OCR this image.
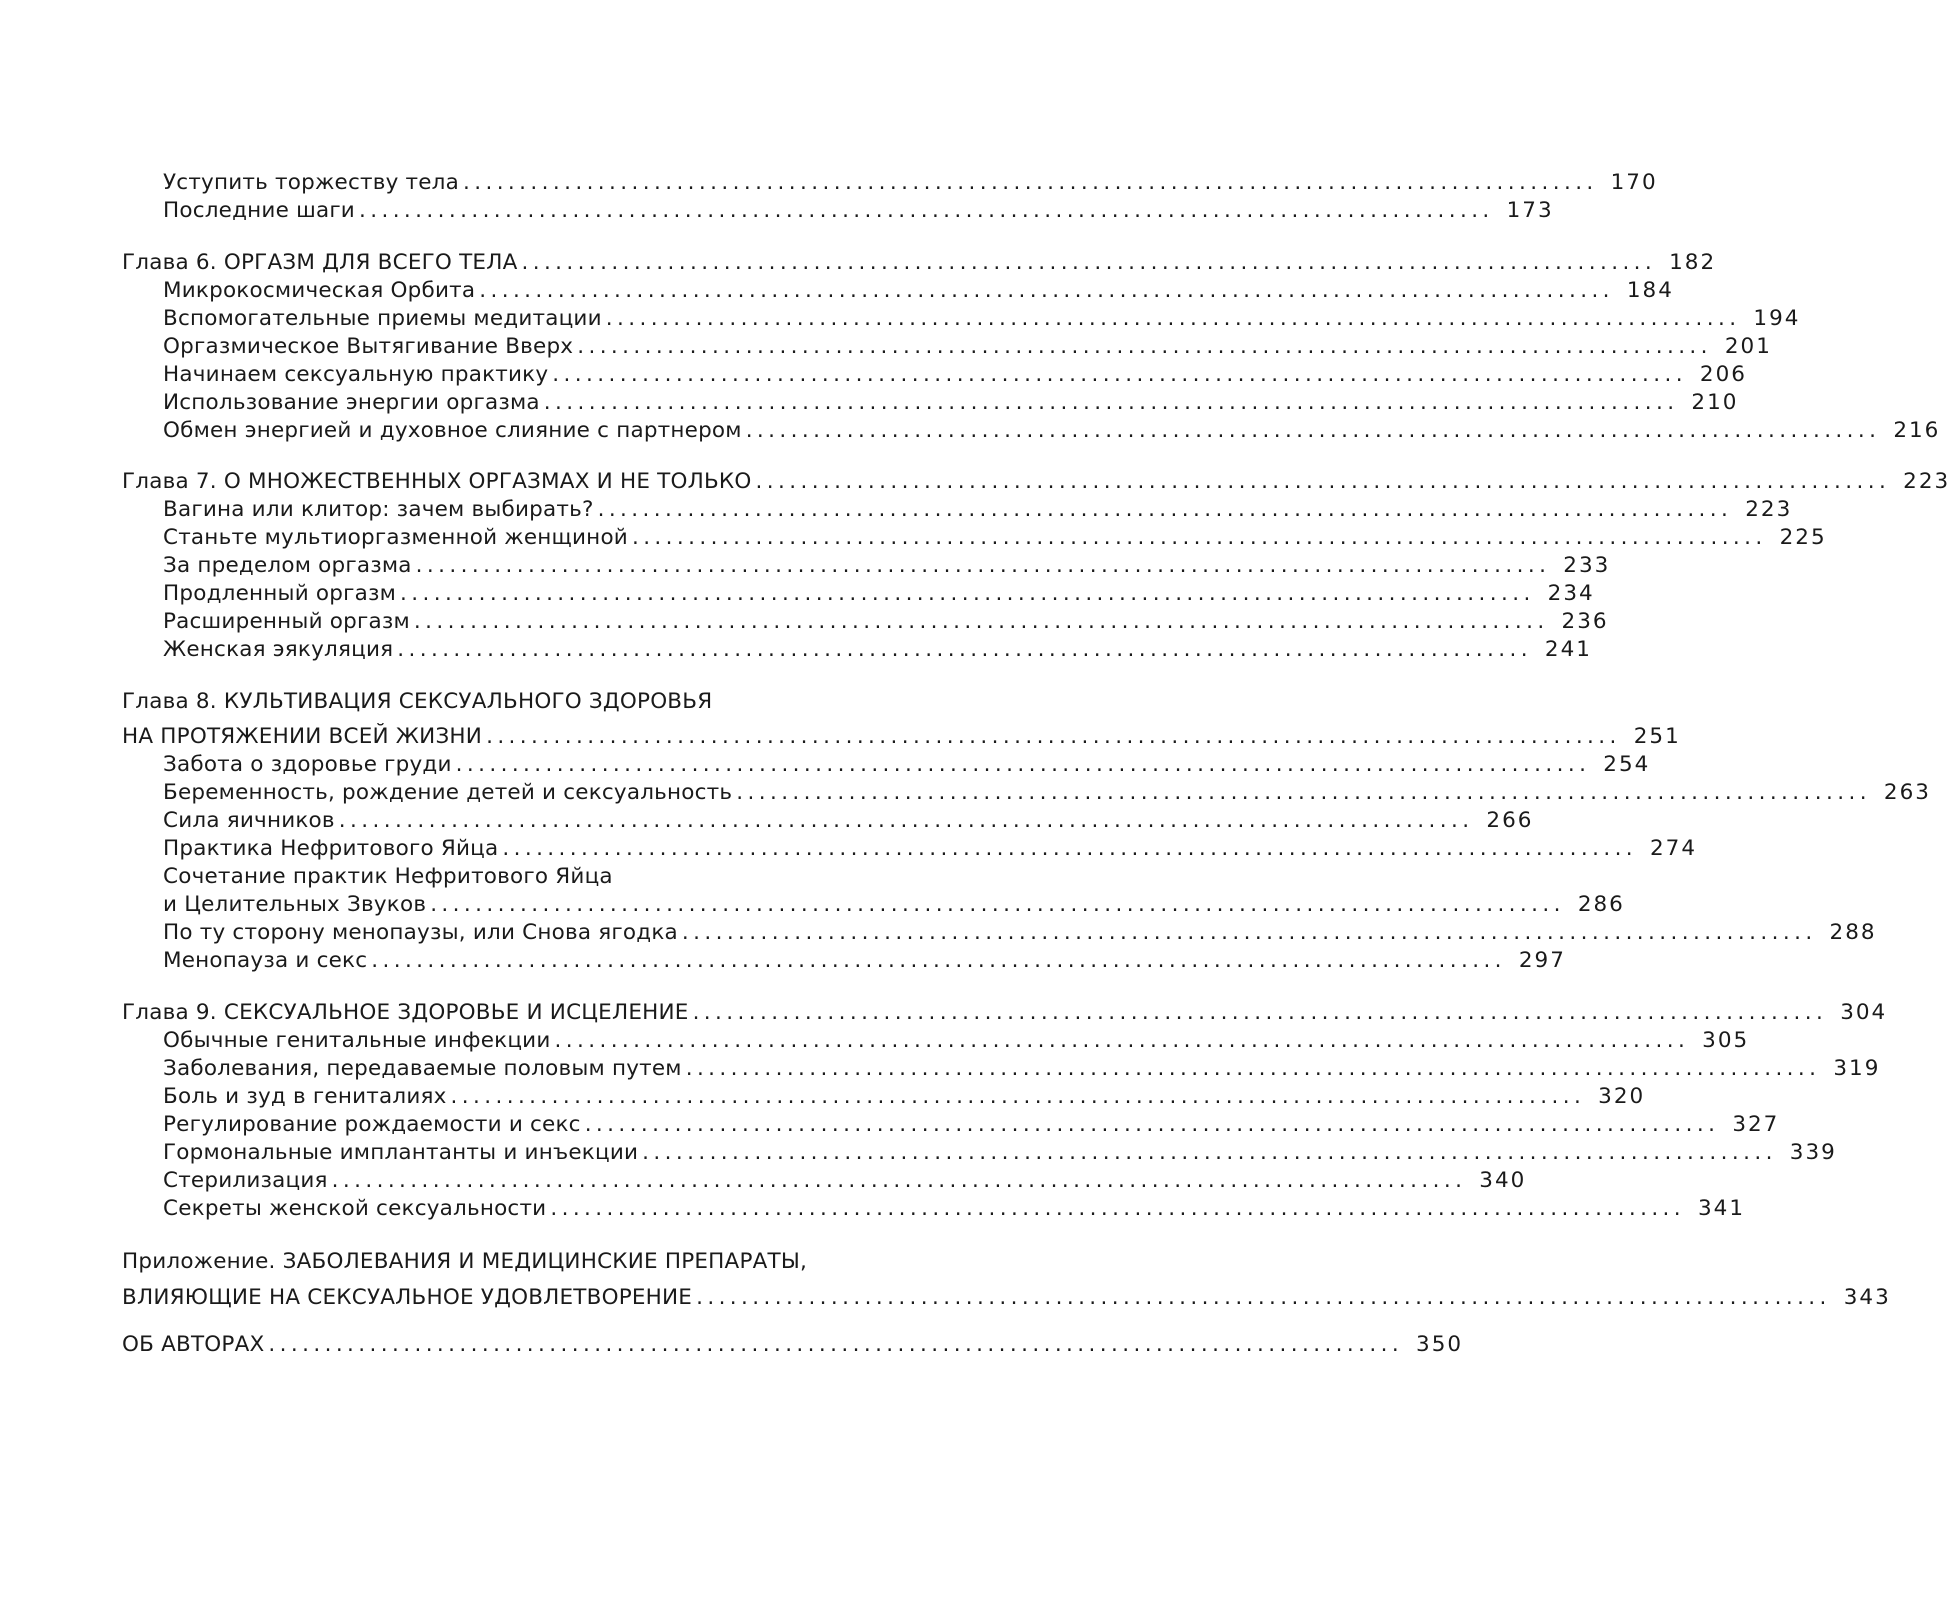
Уступить торжеству тела ..................................................................................................... 170
Последние шаги ..................................................................................................... 173
Глава 6. ОРГАЗМ ДЛЯ ВСЕГО ТЕЛА ..................................................................................................... 182
Микрокосмическая Орбита ..................................................................................................... 184
Вспомогательные приемы медитации ..................................................................................................... 194
Оргазмическое Вытягивание Вверх ..................................................................................................... 201
Начинаем сексуальную практику ..................................................................................................... 206
Использование энергии оргазма ..................................................................................................... 210
Обмен энергией и духовное слияние с партнером ..................................................................................................... 216
Глава 7. О МНОЖЕСТВЕННЫХ ОРГАЗМАХ И НЕ ТОЛЬКО ..................................................................................................... 223
Вагина или клитор: зачем выбирать? ..................................................................................................... 223
Станьте мультиоргазменной женщиной ..................................................................................................... 225
За пределом оргазма ..................................................................................................... 233
Продленный оргазм ..................................................................................................... 234
Расширенный оргазм ..................................................................................................... 236
Женская эякуляция ..................................................................................................... 241
Глава 8. КУЛЬТИВАЦИЯ СЕКСУАЛЬНОГО ЗДОРОВЬЯ
НА ПРОТЯЖЕНИИ ВСЕЙ ЖИЗНИ ..................................................................................................... 251
Забота о здоровье груди ..................................................................................................... 254
Беременность, рождение детей и сексуальность ..................................................................................................... 263
Сила яичников ..................................................................................................... 266
Практика Нефритового Яйца ..................................................................................................... 274
Сочетание практик Нефритового Яйца
и Целительных Звуков ..................................................................................................... 286
По ту сторону менопаузы, или Снова ягодка ..................................................................................................... 288
Менопауза и секс ..................................................................................................... 297
Глава 9. СЕКСУАЛЬНОЕ ЗДОРОВЬЕ И ИСЦЕЛЕНИЕ ..................................................................................................... 304
Обычные генитальные инфекции ..................................................................................................... 305
Заболевания, передаваемые половым путем ..................................................................................................... 319
Боль и зуд в гениталиях ..................................................................................................... 320
Регулирование рождаемости и секс ..................................................................................................... 327
Гормональные имплантанты и инъекции ..................................................................................................... 339
Стерилизация ..................................................................................................... 340
Секреты женской сексуальности ..................................................................................................... 341
Приложение. ЗАБОЛЕВАНИЯ И МЕДИЦИНСКИЕ ПРЕПАРАТЫ,
ВЛИЯЮЩИЕ НА СЕКСУАЛЬНОЕ УДОВЛЕТВОРЕНИЕ ..................................................................................................... 343
ОБ АВТОРАХ ..................................................................................................... 350
